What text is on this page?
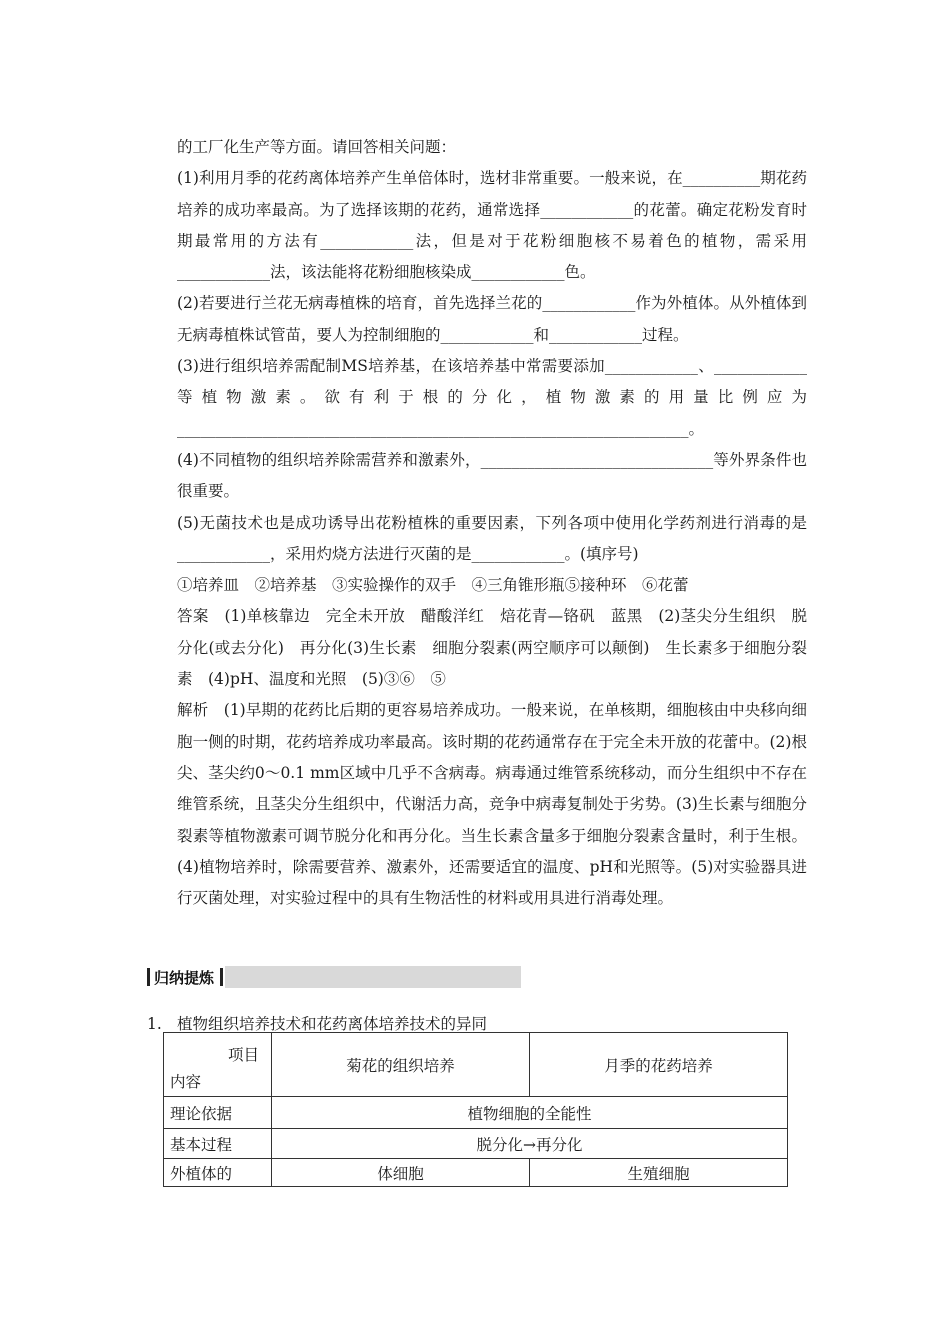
的工厂化生产等方面。请回答相关问题：

(1)利用月季的花药离体培养产生单倍体时，选材非常重要。一般来说，在__________期花药培养的成功率最高。为了选择该期的花药，通常选择____________的花蕾。确定花粉发育时期最常用的方法有____________法，但是对于花粉细胞核不易着色的植物，需采用____________法，该法能将花粉细胞核染成____________色。

(2)若要进行兰花无病毒植株的培育，首先选择兰花的____________作为外植体。从外植体到无病毒植株试管苗，要人为控制细胞的____________和____________过程。

(3)进行组织培养需配制MS培养基，在该培养基中常需要添加____________、____________等植物激素。欲有利于根的分化，植物激素的用量比例应为__________________________________________________________________。

(4)不同植物的组织培养除需营养和激素外，______________________________等外界条件也很重要。

(5)无菌技术也是成功诱导出花粉植株的重要因素，下列各项中使用化学药剂进行消毒的是____________，采用灼烧方法进行灭菌的是____________。(填序号)

①培养皿　②培养基　③实验操作的双手　④三角锥形瓶⑤接种环　⑥花蕾

答案　(1)单核靠边　完全未开放　醋酸洋红　焙花青—铬矾　蓝黑　(2)茎尖分生组织　脱分化(或去分化)　再分化(3)生长素　细胞分裂素(两空顺序可以颠倒)　生长素多于细胞分裂素　(4)pH、温度和光照　(5)③⑥　⑤

解析　(1)早期的花药比后期的更容易培养成功。一般来说，在单核期，细胞核由中央移向细胞一侧的时期，花药培养成功率最高。该时期的花药通常存在于完全未开放的花蕾中。(2)根尖、茎尖约0～0.1 mm区域中几乎不含病毒。病毒通过维管系统移动，而分生组织中不存在维管系统，且茎尖分生组织中，代谢活力高，竞争中病毒复制处于劣势。(3)生长素与细胞分裂素等植物激素可调节脱分化和再分化。当生长素含量多于细胞分裂素含量时，利于生根。(4)植物培养时，除需要营养、激素外，还需要适宜的温度、pH和光照等。(5)对实验器具进行灭菌处理，对实验过程中的具有生物活性的材料或用具进行消毒处理。

归纳提炼
1. 植物组织培养技术和花药离体培养技术的异同
项目
内容	菊花的组织培养	月季的花药培养
理论依据	植物细胞的全能性	
基本过程	脱分化→再分化	
外植体的	体细胞	生殖细胞
